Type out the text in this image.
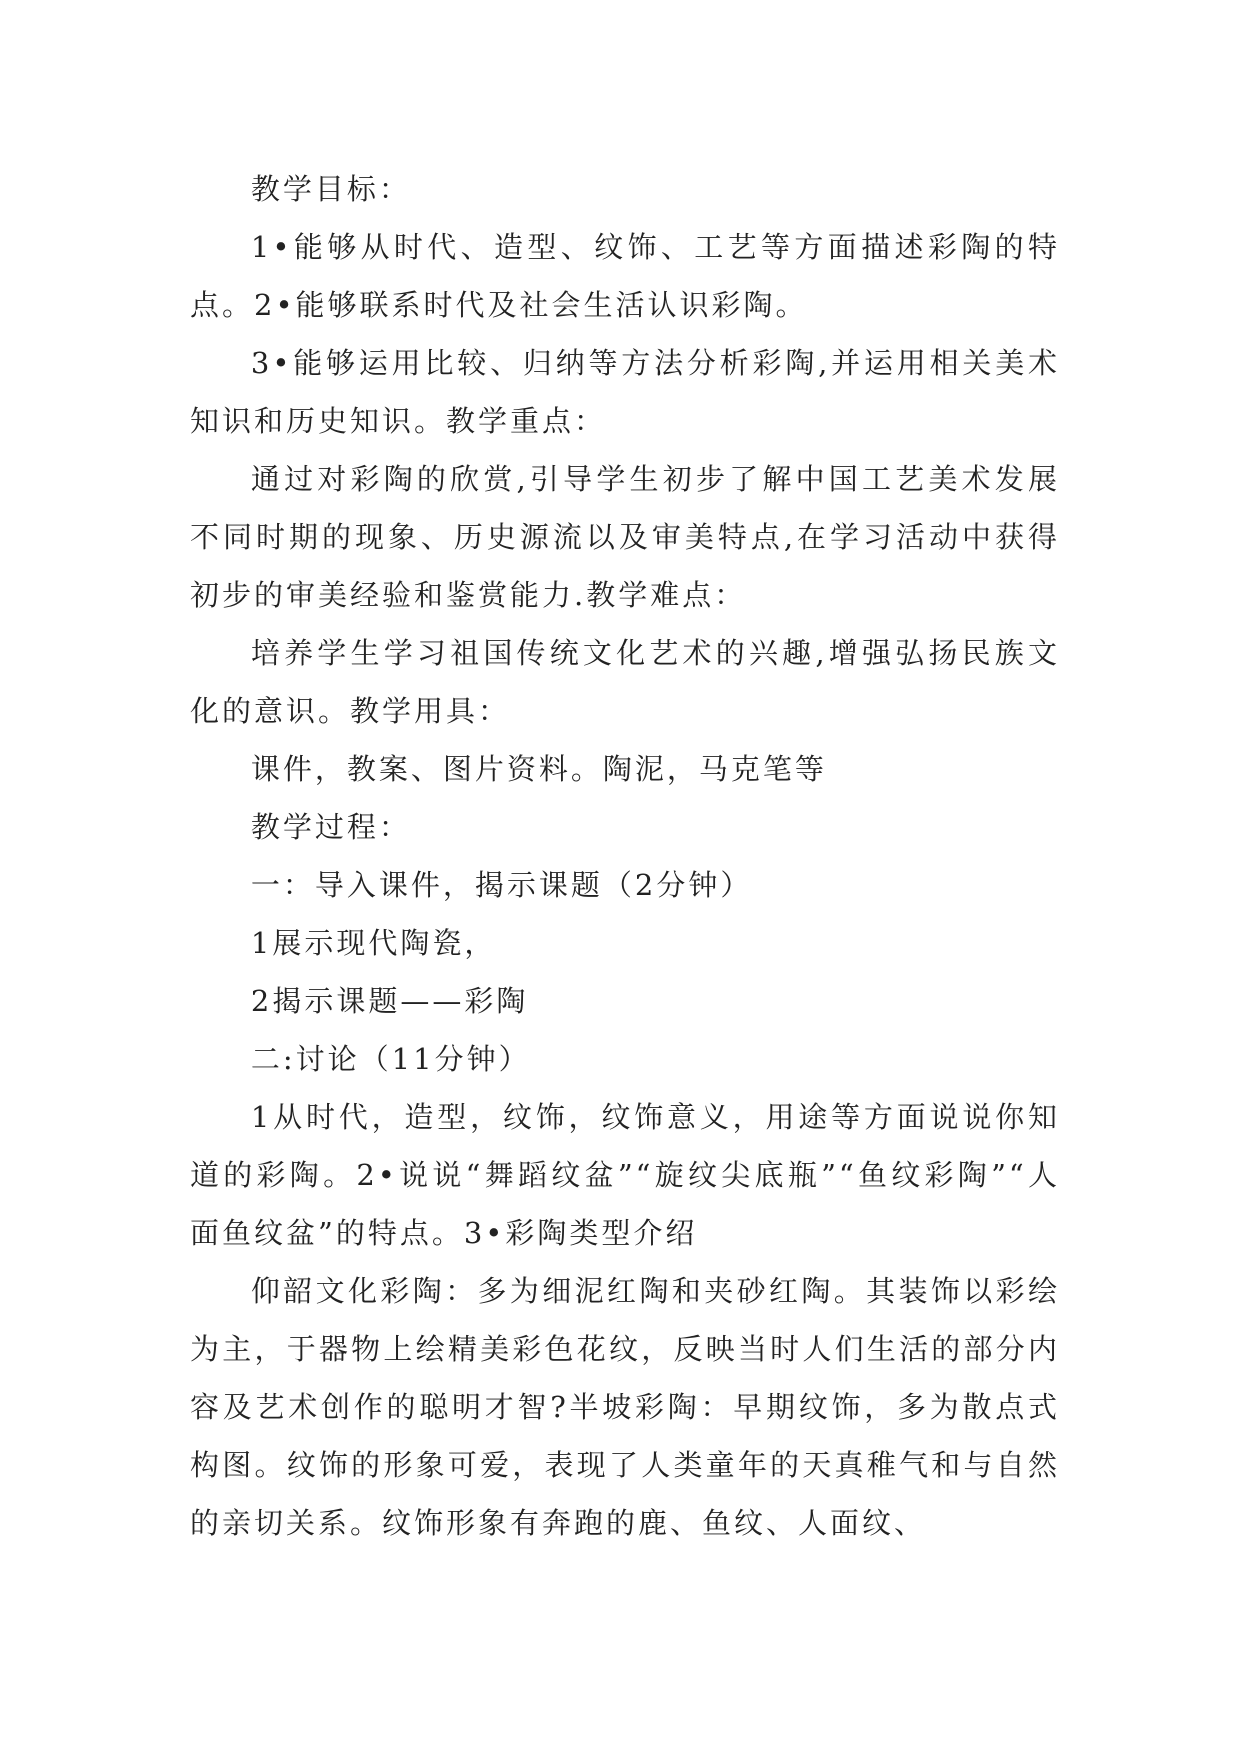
教学目标：

1•能够从时代、造型、纹饰、工艺等方面描述彩陶的特点。2•能够联系时代及社会生活认识彩陶。

3•能够运用比较、归纳等方法分析彩陶,并运用相关美术知识和历史知识。教学重点：

通过对彩陶的欣赏,引导学生初步了解中国工艺美术发展不同时期的现象、历史源流以及审美特点,在学习活动中获得初步的审美经验和鉴赏能力.教学难点：

培养学生学习祖国传统文化艺术的兴趣,增强弘扬民族文化的意识。教学用具：

课件，教案、图片资料。陶泥，马克笔等

教学过程：

一：导入课件，揭示课题（2分钟）

1展示现代陶瓷，

2揭示课题——彩陶

二:讨论（11分钟）

1从时代，造型，纹饰，纹饰意义，用途等方面说说你知道的彩陶。2•说说“舞蹈纹盆”“旋纹尖底瓶”“鱼纹彩陶”“人面鱼纹盆”的特点。3•彩陶类型介绍

仰韶文化彩陶：多为细泥红陶和夹砂红陶。其装饰以彩绘为主，于器物上绘精美彩色花纹，反映当时人们生活的部分内容及艺术创作的聪明才智?半坡彩陶：早期纹饰，多为散点式构图。纹饰的形象可爱，表现了人类童年的天真稚气和与自然的亲切关系。纹饰形象有奔跑的鹿、鱼纹、人面纹、
